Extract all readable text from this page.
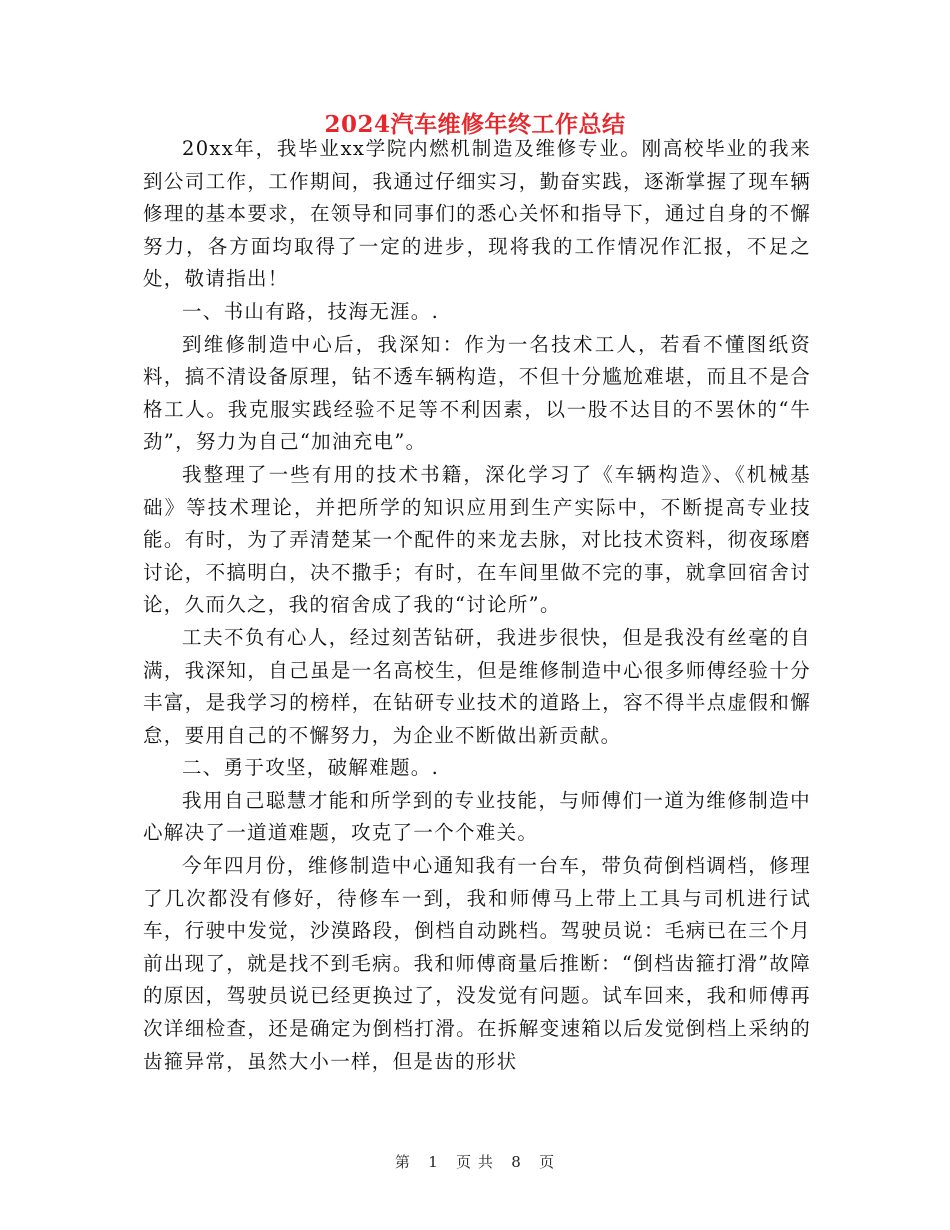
2024汽车维修年终工作总结

20xx年，我毕业xx学院内燃机制造及维修专业。刚高校毕业的我来到公司工作，工作期间，我通过仔细实习，勤奋实践，逐渐掌握了现车辆修理的基本要求，在领导和同事们的悉心关怀和指导下，通过自身的不懈努力，各方面均取得了一定的进步，现将我的工作情况作汇报，不足之处，敬请指出！

一、书山有路，技海无涯。.

到维修制造中心后，我深知：作为一名技术工人，若看不懂图纸资料，搞不清设备原理，钻不透车辆构造，不但十分尴尬难堪，而且不是合格工人。我克服实践经验不足等不利因素，以一股不达目的不罢休的“牛劲”，努力为自己“加油充电”。

我整理了一些有用的技术书籍，深化学习了《车辆构造》、《机械基础》等技术理论，并把所学的知识应用到生产实际中，不断提高专业技能。有时，为了弄清楚某一个配件的来龙去脉，对比技术资料，彻夜琢磨讨论，不搞明白，决不撒手；有时，在车间里做不完的事，就拿回宿舍讨论，久而久之，我的宿舍成了我的“讨论所”。

工夫不负有心人，经过刻苦钻研，我进步很快，但是我没有丝毫的自满，我深知，自己虽是一名高校生，但是维修制造中心很多师傅经验十分丰富，是我学习的榜样，在钻研专业技术的道路上，容不得半点虚假和懈怠，要用自己的不懈努力，为企业不断做出新贡献。

二、勇于攻坚，破解难题。.

我用自己聪慧才能和所学到的专业技能，与师傅们一道为维修制造中心解决了一道道难题，攻克了一个个难关。

今年四月份，维修制造中心通知我有一台车，带负荷倒档调档，修理了几次都没有修好，待修车一到，我和师傅马上带上工具与司机进行试车，行驶中发觉，沙漠路段，倒档自动跳档。驾驶员说：毛病已在三个月前出现了，就是找不到毛病。我和师傅商量后推断：“倒档齿箍打滑”故障的原因，驾驶员说已经更换过了，没发觉有问题。试车回来，我和师傅再次详细检查，还是确定为倒档打滑。在拆解变速箱以后发觉倒档上采纳的齿箍异常，虽然大小一样，但是齿的形状

第 1 页 共 8 页
